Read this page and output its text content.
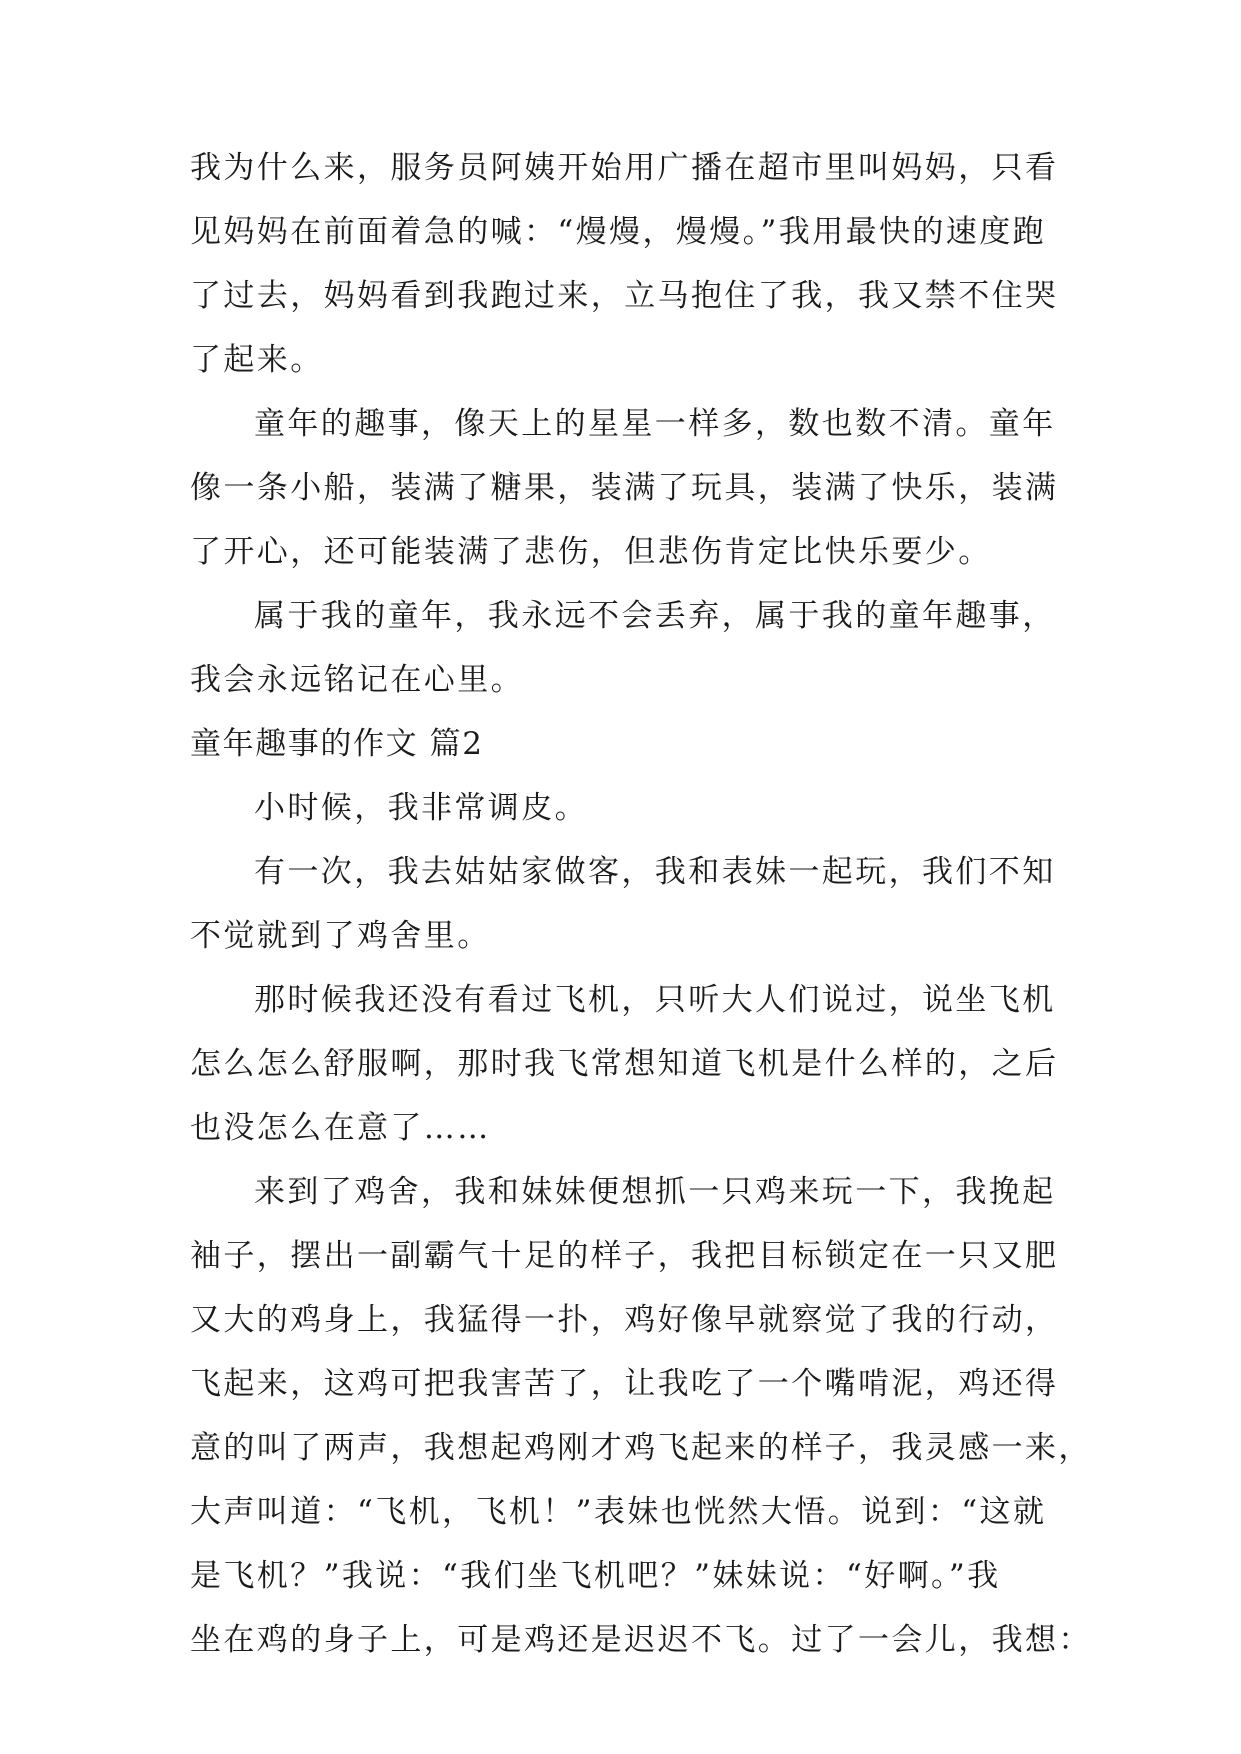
我为什么来，服务员阿姨开始用广播在超市里叫妈妈，只看
见妈妈在前面着急的喊：“熳熳，熳熳。”我用最快的速度跑
了过去，妈妈看到我跑过来，立马抱住了我，我又禁不住哭
了起来。
童年的趣事，像天上的星星一样多，数也数不清。童年
像一条小船，装满了糖果，装满了玩具，装满了快乐，装满
了开心，还可能装满了悲伤，但悲伤肯定比快乐要少。
属于我的童年，我永远不会丢弃，属于我的童年趣事，
我会永远铭记在心里。
童年趣事的作文 篇2
小时候，我非常调皮。
有一次，我去姑姑家做客，我和表妹一起玩，我们不知
不觉就到了鸡舍里。
那时候我还没有看过飞机，只听大人们说过，说坐飞机
怎么怎么舒服啊，那时我飞常想知道飞机是什么样的，之后
也没怎么在意了……
来到了鸡舍，我和妹妹便想抓一只鸡来玩一下，我挽起
袖子，摆出一副霸气十足的样子，我把目标锁定在一只又肥
又大的鸡身上，我猛得一扑，鸡好像早就察觉了我的行动，
飞起来，这鸡可把我害苦了，让我吃了一个嘴啃泥，鸡还得
意的叫了两声，我想起鸡刚才鸡飞起来的样子，我灵感一来，
大声叫道：“飞机，飞机！”表妹也恍然大悟。说到：“这就
是飞机？”我说：“我们坐飞机吧？”妹妹说：“好啊。”我
坐在鸡的身子上，可是鸡还是迟迟不飞。过了一会儿，我想：
